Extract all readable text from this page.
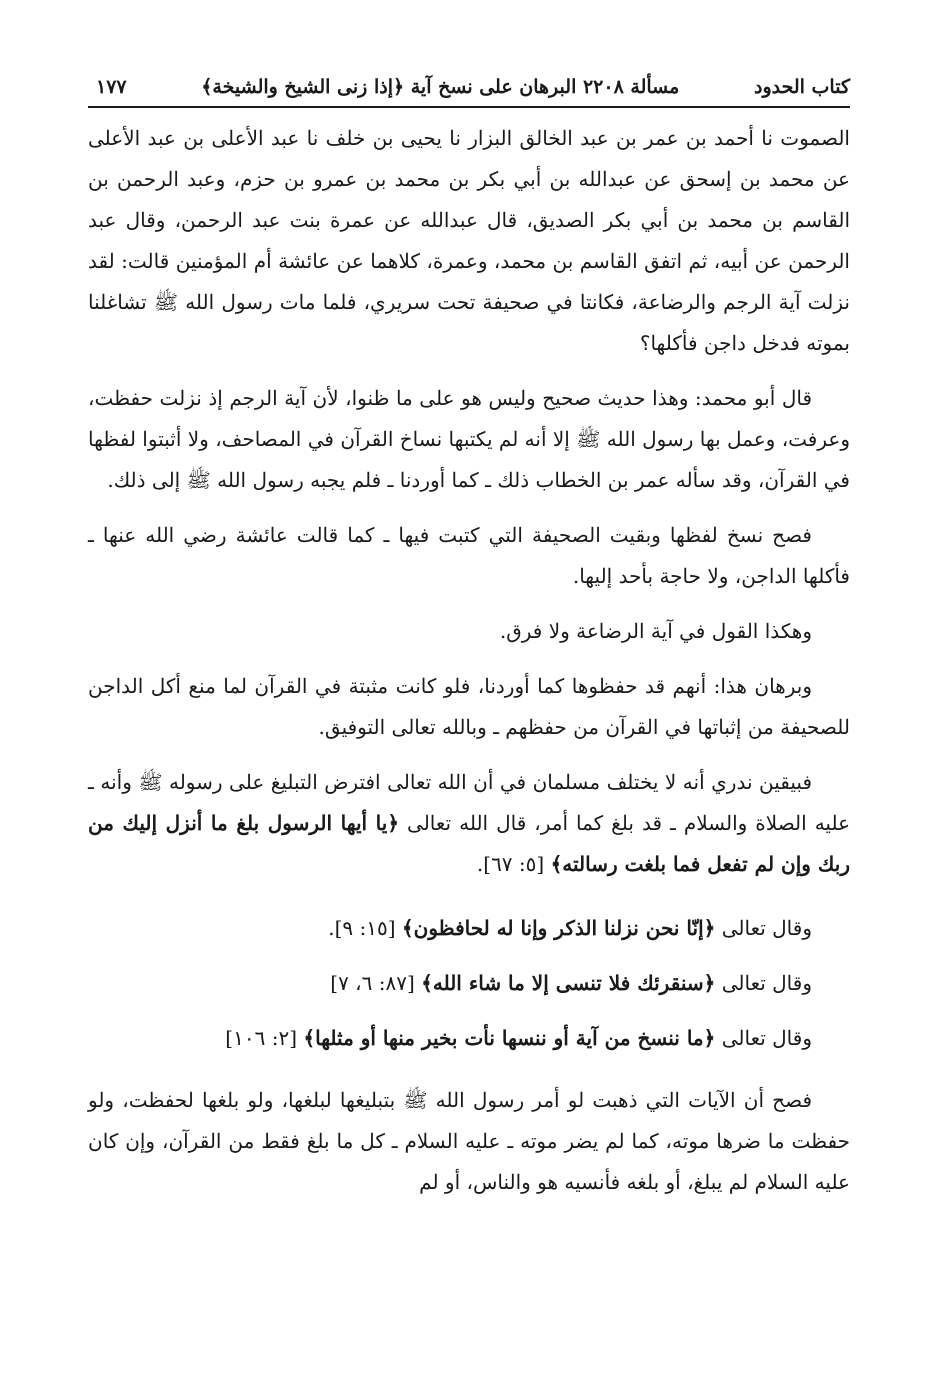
كتاب الحدود
مسألة ٢٢٠٨ البرهان على نسخ آية ﴿إذا زنى الشيخ والشيخة﴾
١٧٧

الصموت نا أحمد بن عمر بن عبد الخالق البزار نا يحيى بن خلف نا عبد الأعلى بن عبد الأعلى عن محمد بن إسحق عن عبدالله بن أبي بكر بن محمد بن عمرو بن حزم، وعبد الرحمن بن القاسم بن محمد بن أبي بكر الصديق، قال عبدالله عن عمرة بنت عبد الرحمن، وقال عبد الرحمن عن أبيه، ثم اتفق القاسم بن محمد، وعمرة، كلاهما عن عائشة أم المؤمنين قالت: لقد نزلت آية الرجم والرضاعة، فكانتا في صحيفة تحت سريري، فلما مات رسول الله ﷺ تشاغلنا بموته فدخل داجن فأكلها؟

قال أبو محمد: وهذا حديث صحيح وليس هو على ما ظنوا، لأن آية الرجم إذ نزلت حفظت، وعرفت، وعمل بها رسول الله ﷺ إلا أنه لم يكتبها نساخ القرآن في المصاحف، ولا أثبتوا لفظها في القرآن، وقد سأله عمر بن الخطاب ذلك ـ كما أوردنا ـ فلم يجبه رسول الله ﷺ إلى ذلك.

فصح نسخ لفظها وبقيت الصحيفة التي كتبت فيها ـ كما قالت عائشة رضي الله عنها ـ فأكلها الداجن، ولا حاجة بأحد إليها.

وهكذا القول في آية الرضاعة ولا فرق.

وبرهان هذا: أنهم قد حفظوها كما أوردنا، فلو كانت مثبتة في القرآن لما منع أكل الداجن للصحيفة من إثباتها في القرآن من حفظهم ـ وبالله تعالى التوفيق.

فبيقين ندري أنه لا يختلف مسلمان في أن الله تعالى افترض التبليغ على رسوله ﷺ وأنه ـ عليه الصلاة والسلام ـ قد بلغ كما أمر، قال الله تعالى ﴿يا أيها الرسول بلغ ما أنزل إليك من ربك وإن لم تفعل فما بلغت رسالته﴾ [٥: ٦٧].

وقال تعالى ﴿إنّا نحن نزلنا الذكر وإنا له لحافظون﴾ [١٥: ٩].

وقال تعالى ﴿سنقرئك فلا تنسى إلا ما شاء الله﴾ [٨٧: ٦، ٧]

وقال تعالى ﴿ما ننسخ من آية أو ننسها نأت بخير منها أو مثلها﴾ [٢: ١٠٦]

فصح أن الآيات التي ذهبت لو أمر رسول الله ﷺ بتبليغها لبلغها، ولو بلغها لحفظت، ولو حفظت ما ضرها موته، كما لم يضر موته ـ عليه السلام ـ كل ما بلغ فقط من القرآن، وإن كان عليه السلام لم يبلغ، أو بلغه فأنسيه هو والناس، أو لم
